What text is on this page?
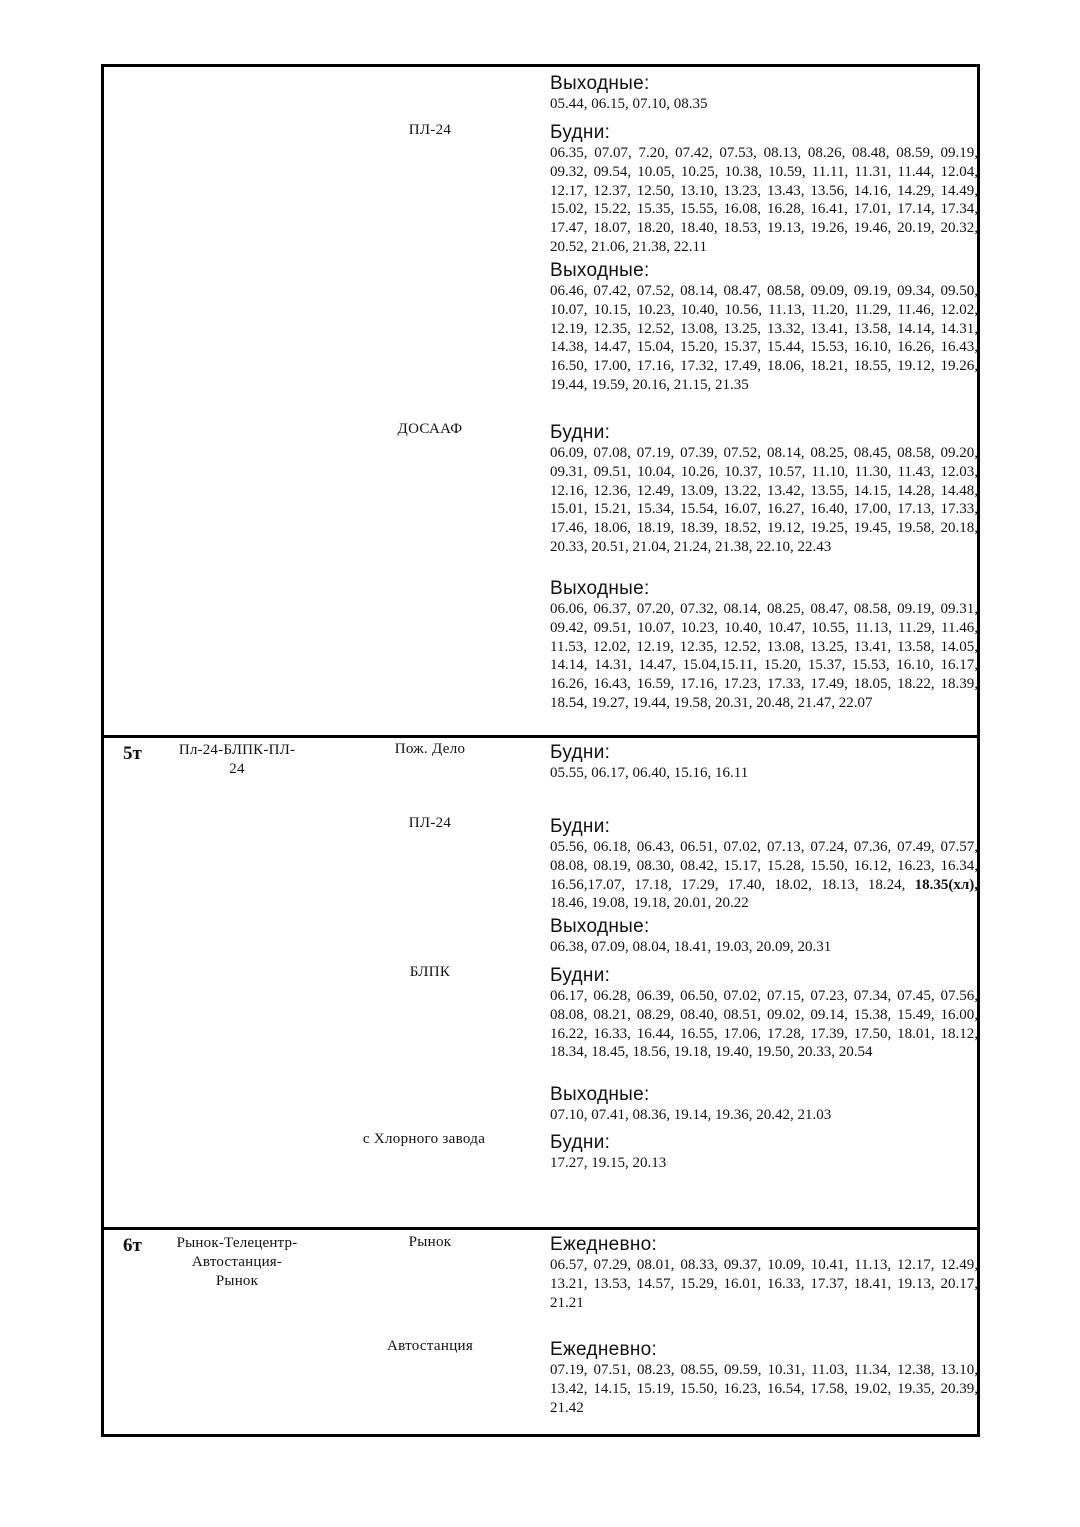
Выходные:
05.44, 06.15, 07.10, 08.35
ПЛ-24	Будни:
06.35, 07.07, 7.20, 07.42, 07.53, 08.13, 08.26, 08.48, 08.59, 09.19, 09.32, 09.54, 10.05, 10.25, 10.38, 10.59, 11.11, 11.31, 11.44, 12.04, 12.17, 12.37, 12.50, 13.10, 13.23, 13.43, 13.56, 14.16, 14.29, 14.49, 15.02, 15.22, 15.35, 15.55, 16.08, 16.28, 16.41, 17.01, 17.14, 17.34, 17.47, 18.07, 18.20, 18.40, 18.53, 19.13, 19.26, 19.46, 20.19, 20.32, 20.52, 21.06, 21.38, 22.11
Выходные:
06.46, 07.42, 07.52, 08.14, 08.47, 08.58, 09.09, 09.19, 09.34, 09.50, 10.07, 10.15, 10.23, 10.40, 10.56, 11.13, 11.20, 11.29, 11.46, 12.02, 12.19, 12.35, 12.52, 13.08, 13.25, 13.32, 13.41, 13.58, 14.14, 14.31, 14.38, 14.47, 15.04, 15.20, 15.37, 15.44, 15.53, 16.10, 16.26, 16.43, 16.50, 17.00, 17.16, 17.32, 17.49, 18.06, 18.21, 18.55, 19.12, 19.26, 19.44, 19.59, 20.16, 21.15, 21.35
ДОСААФ	Будни:
06.09, 07.08, 07.19, 07.39, 07.52, 08.14, 08.25, 08.45, 08.58, 09.20, 09.31, 09.51, 10.04, 10.26, 10.37, 10.57, 11.10, 11.30, 11.43, 12.03, 12.16, 12.36, 12.49, 13.09, 13.22, 13.42, 13.55, 14.15, 14.28, 14.48, 15.01, 15.21, 15.34, 15.54, 16.07, 16.27, 16.40, 17.00, 17.13, 17.33, 17.46, 18.06, 18.19, 18.39, 18.52, 19.12, 19.25, 19.45, 19.58, 20.18, 20.33, 20.51, 21.04, 21.24, 21.38, 22.10, 22.43
Выходные:
06.06, 06.37, 07.20, 07.32, 08.14, 08.25, 08.47, 08.58, 09.19, 09.31, 09.42, 09.51, 10.07, 10.23, 10.40, 10.47, 10.55, 11.13, 11.29, 11.46, 11.53, 12.02, 12.19, 12.35, 12.52, 13.08, 13.25, 13.41, 13.58, 14.05, 14.14, 14.31, 14.47, 15.04,15.11, 15.20, 15.37, 15.53, 16.10, 16.17, 16.26, 16.43, 16.59, 17.16, 17.23, 17.33, 17.49, 18.05, 18.22, 18.39, 18.54, 19.27, 19.44, 19.58, 20.31, 20.48, 21.47, 22.07
5т	Пл-24-БЛПК-ПЛ-
24
Пож. Дело	Будни:
05.55, 06.17, 06.40, 15.16, 16.11
ПЛ-24	Будни:
05.56, 06.18, 06.43, 06.51, 07.02, 07.13, 07.24, 07.36, 07.49, 07.57, 08.08, 08.19, 08.30, 08.42, 15.17, 15.28, 15.50, 16.12, 16.23, 16.34, 16.56,17.07, 17.18, 17.29, 17.40, 18.02, 18.13, 18.24, 18.35(хл), 18.46, 19.08, 19.18, 20.01, 20.22
Выходные:
06.38, 07.09, 08.04, 18.41, 19.03, 20.09, 20.31
БЛПК	Будни:
06.17, 06.28, 06.39, 06.50, 07.02, 07.15, 07.23, 07.34, 07.45, 07.56, 08.08, 08.21, 08.29, 08.40, 08.51, 09.02, 09.14, 15.38, 15.49, 16.00, 16.22, 16.33, 16.44, 16.55, 17.06, 17.28, 17.39, 17.50, 18.01, 18.12, 18.34, 18.45, 18.56, 19.18, 19.40, 19.50, 20.33, 20.54
Выходные:
07.10, 07.41, 08.36, 19.14, 19.36, 20.42, 21.03
с Хлорного завода	Будни:
17.27, 19.15, 20.13
6т	Рынок-Телецентр-
Автостанция-
Рынок
Рынок	Ежедневно:
06.57, 07.29, 08.01, 08.33, 09.37, 10.09, 10.41, 11.13, 12.17, 12.49, 13.21, 13.53, 14.57, 15.29, 16.01, 16.33, 17.37, 18.41, 19.13, 20.17, 21.21
Автостанция	Ежедневно:
07.19, 07.51, 08.23, 08.55, 09.59, 10.31, 11.03, 11.34, 12.38, 13.10, 13.42, 14.15, 15.19, 15.50, 16.23, 16.54, 17.58, 19.02, 19.35, 20.39, 21.42
